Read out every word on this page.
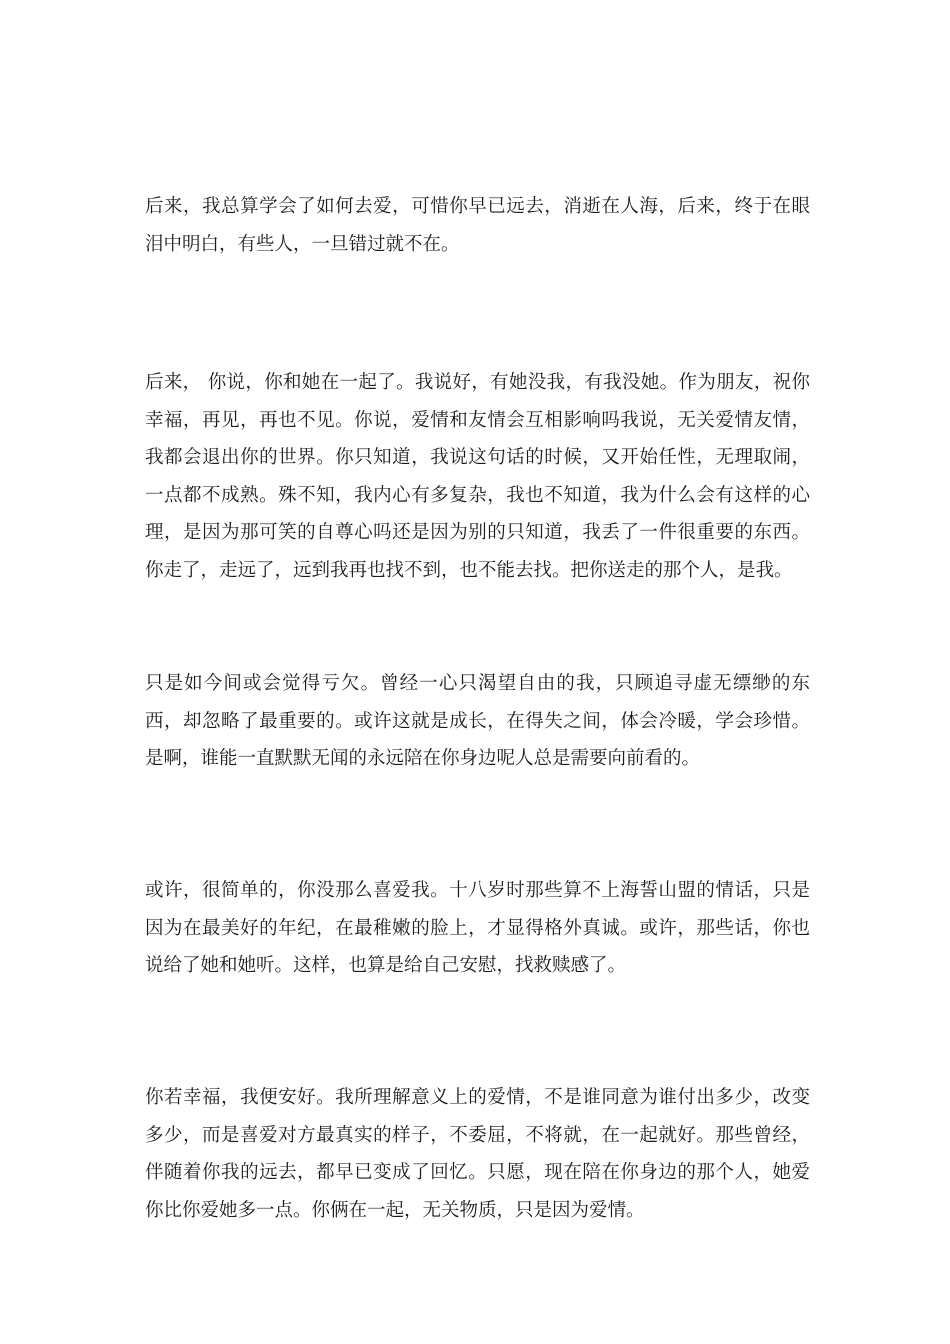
后来，我总算学会了如何去爱，可惜你早已远去，消逝在人海，后来，终于在眼泪中明白，有些人，一旦错过就不在。

后来， 你说，你和她在一起了。我说好，有她没我，有我没她。作为朋友，祝你幸福，再见，再也不见。你说，爱情和友情会互相影响吗我说，无关爱情友情，我都会退出你的世界。你只知道，我说这句话的时候，又开始任性，无理取闹，一点都不成熟。殊不知，我内心有多复杂，我也不知道，我为什么会有这样的心理，是因为那可笑的自尊心吗还是因为别的只知道，我丢了一件很重要的东西。你走了，走远了，远到我再也找不到，也不能去找。把你送走的那个人，是我。

只是如今间或会觉得亏欠。曾经一心只渴望自由的我，只顾追寻虚无缥缈的东西，却忽略了最重要的。或许这就是成长，在得失之间，体会冷暖，学会珍惜。是啊，谁能一直默默无闻的永远陪在你身边呢人总是需要向前看的。

或许，很简单的，你没那么喜爱我。十八岁时那些算不上海誓山盟的情话，只是因为在最美好的年纪，在最稚嫩的脸上，才显得格外真诚。或许，那些话，你也说给了她和她听。这样，也算是给自己安慰，找救赎感了。

你若幸福，我便安好。我所理解意义上的爱情，不是谁同意为谁付出多少，改变多少，而是喜爱对方最真实的样子，不委屈，不将就，在一起就好。那些曾经，伴随着你我的远去，都早已变成了回忆。只愿，现在陪在你身边的那个人，她爱你比你爱她多一点。你俩在一起，无关物质，只是因为爱情。
